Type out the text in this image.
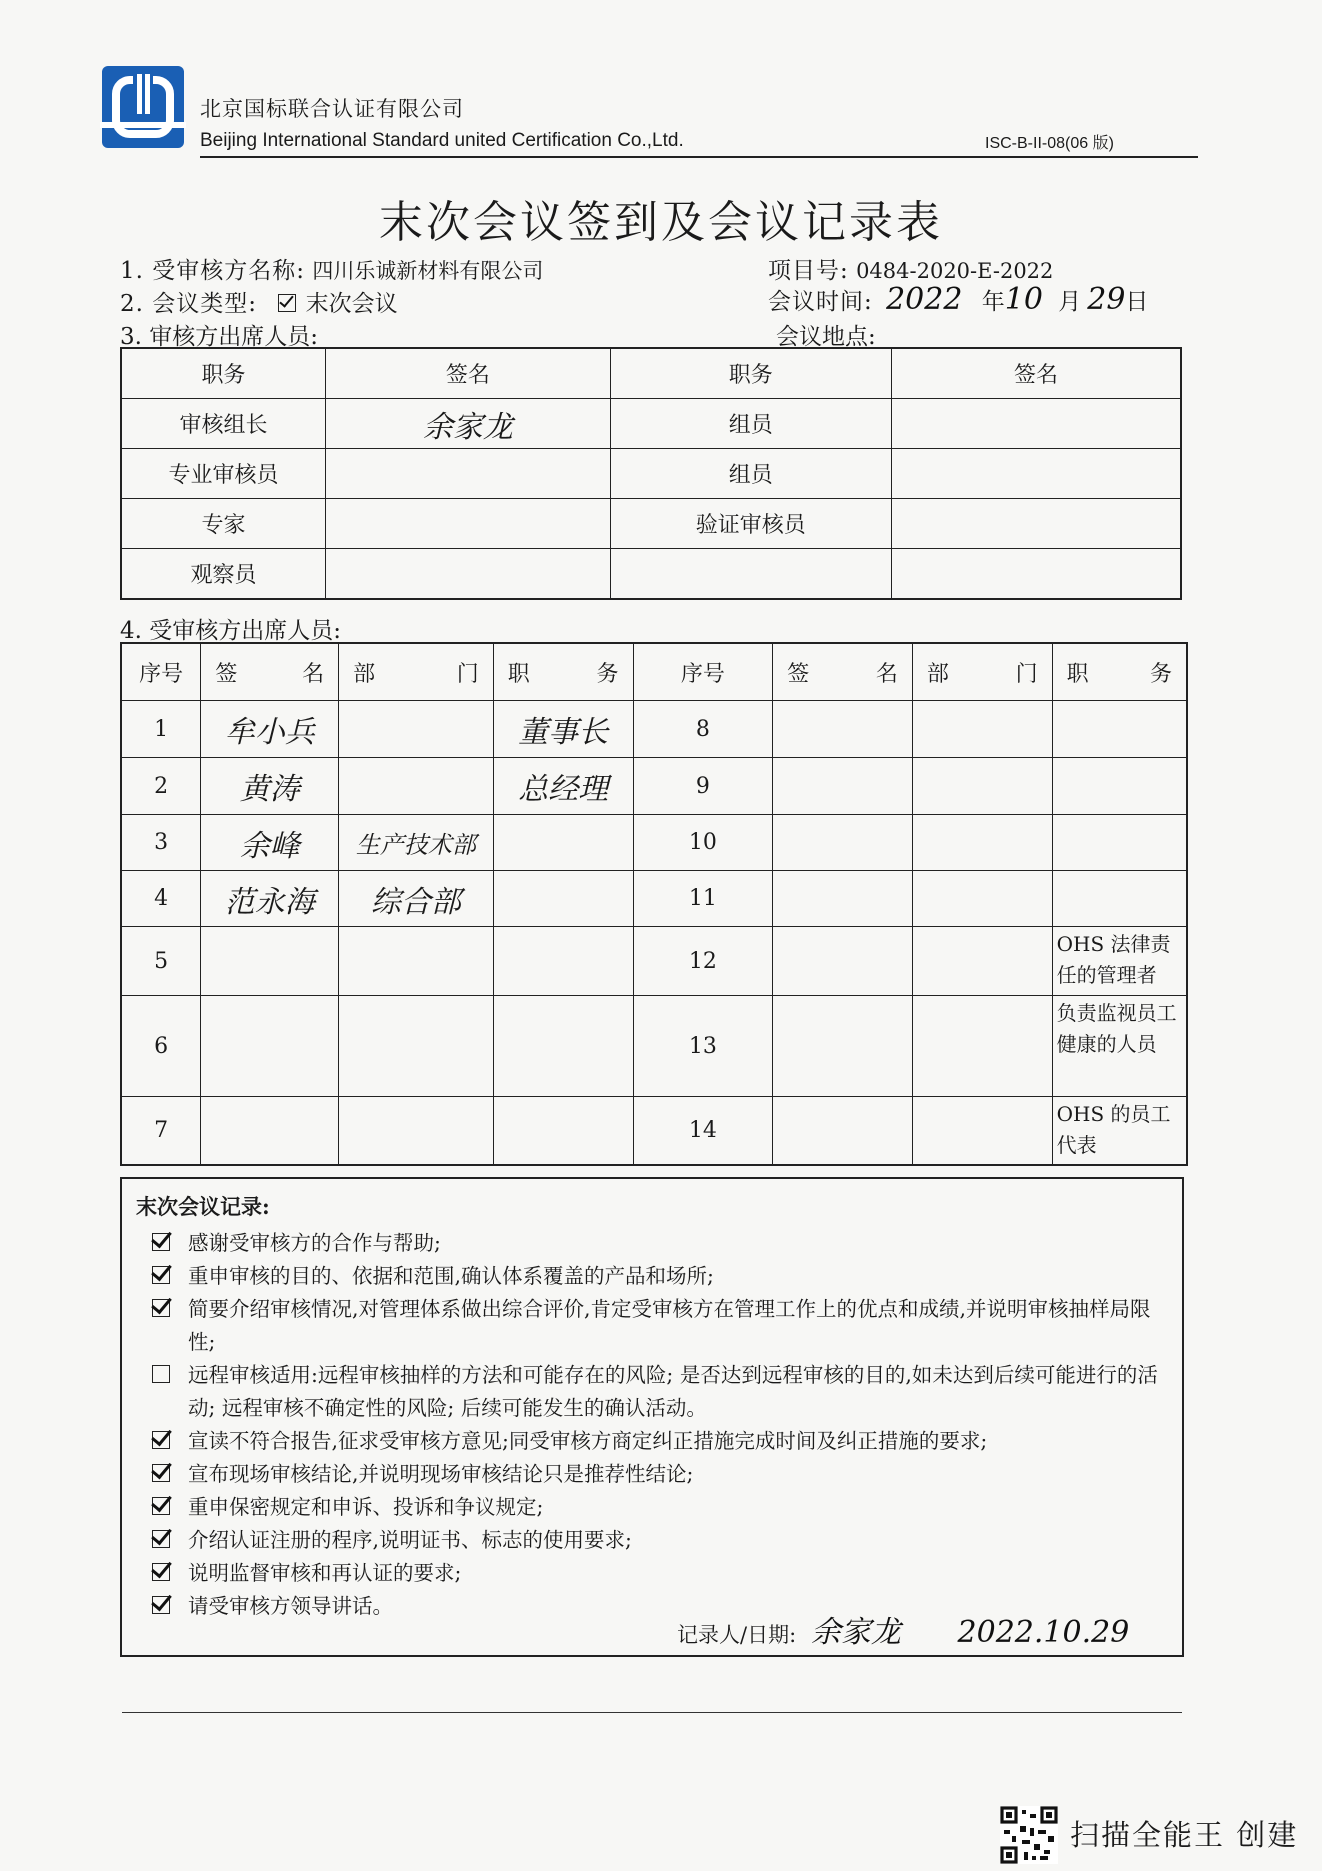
北京国标联合认证有限公司
Beijing International Standard united Certification Co.,Ltd.	ISC-B-II-08(06 版)
末次会议签到及会议记录表
1. 受审核方名称: 四川乐诚新材料有限公司	项目号: 0484-2020-E-2022
2. 会议类型: 末次会议	会议时间: 2022 年10 月 29日
3. 审核方出席人员:	会议地点:
职务	签名	职务	签名
审核组长	余家龙	组员	
专业审核员		组员	
专家		验证审核员	
观察员			
4. 受审核方出席人员:
序号	签名	部门	职务	序号	签名	部门	职务
1	牟小兵		董事长	8			
2	黄涛		总经理	9			
3	余峰	生产技术部		10			
4	范永海	综合部		11			
5				12			OHS 法律责任的管理者
6				13			负责监视员工健康的人员
7				14			OHS 的员工代表
末次会议记录:
感谢受审核方的合作与帮助;
重申审核的目的、依据和范围,确认体系覆盖的产品和场所;
简要介绍审核情况,对管理体系做出综合评价,肯定受审核方在管理工作上的优点和成绩,并说明审核抽样局限性;
远程审核适用:远程审核抽样的方法和可能存在的风险; 是否达到远程审核的目的,如未达到后续可能进行的活动; 远程审核不确定性的风险; 后续可能发生的确认活动。
宣读不符合报告,征求受审核方意见;同受审核方商定纠正措施完成时间及纠正措施的要求;
宣布现场审核结论,并说明现场审核结论只是推荐性结论;
重申保密规定和申诉、投诉和争议规定;
介绍认证注册的程序,说明证书、标志的使用要求;
说明监督审核和再认证的要求;
请受审核方领导讲话。
记录人/日期: 余家龙 2022.10.29
扫描全能王 创建
